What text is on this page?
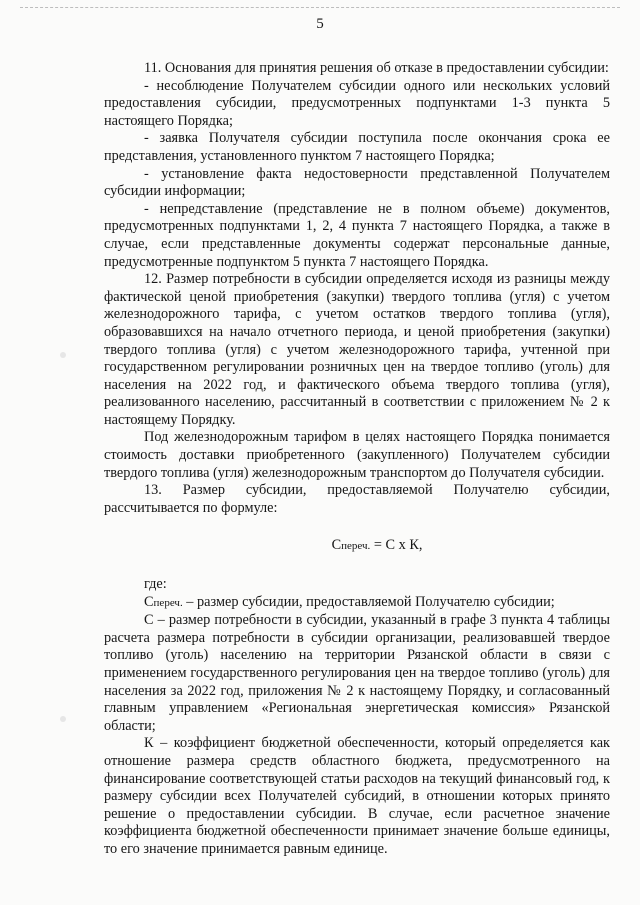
5

11. Основания для принятия решения об отказе в предоставлении субсидии:

- несоблюдение Получателем субсидии одного или нескольких условий предоставления субсидии, предусмотренных подпунктами 1-3 пункта 5 настоящего Порядка;

- заявка Получателя субсидии поступила после окончания срока ее представления, установленного пунктом 7 настоящего Порядка;

- установление факта недостоверности представленной Получателем субсидии информации;

- непредставление (представление не в полном объеме) документов, предусмотренных подпунктами 1, 2, 4 пункта 7 настоящего Порядка, а также в случае, если представленные документы содержат персональные данные, предусмотренные подпунктом 5 пункта 7 настоящего Порядка.

12. Размер потребности в субсидии определяется исходя из разницы между фактической ценой приобретения (закупки) твердого топлива (угля) с учетом железнодорожного тарифа, с учетом остатков твердого топлива (угля), образовавшихся на начало отчетного периода, и ценой приобретения (закупки) твердого топлива (угля) с учетом железнодорожного тарифа, учтенной при государственном регулировании розничных цен на твердое топливо (уголь) для населения на 2022 год, и фактического объема твердого топлива (угля), реализованного населению, рассчитанный в соответствии с приложением № 2 к настоящему Порядку.

Под железнодорожным тарифом в целях настоящего Порядка понимается стоимость доставки приобретенного (закупленного) Получателем субсидии твердого топлива (угля) железнодорожным транспортом до Получателя субсидии.

13. Размер субсидии, предоставляемой Получателю субсидии, рассчитывается по формуле:

Спереч. = С х К,

где:

Спереч. – размер субсидии, предоставляемой Получателю субсидии;

С – размер потребности в субсидии, указанный в графе 3 пункта 4 таблицы расчета размера потребности в субсидии организации, реализовавшей твердое топливо (уголь) населению на территории Рязанской области в связи с применением государственного регулирования цен на твердое топливо (уголь) для населения за 2022 год, приложения № 2 к настоящему Порядку, и согласованный главным управлением «Региональная энергетическая комиссия» Рязанской области;

К – коэффициент бюджетной обеспеченности, который определяется как отношение размера средств областного бюджета, предусмотренного на финансирование соответствующей статьи расходов на текущий финансовый год, к размеру субсидии всех Получателей субсидий, в отношении которых принято решение о предоставлении субсидии. В случае, если расчетное значение коэффициента бюджетной обеспеченности принимает значение больше единицы, то его значение принимается равным единице.
